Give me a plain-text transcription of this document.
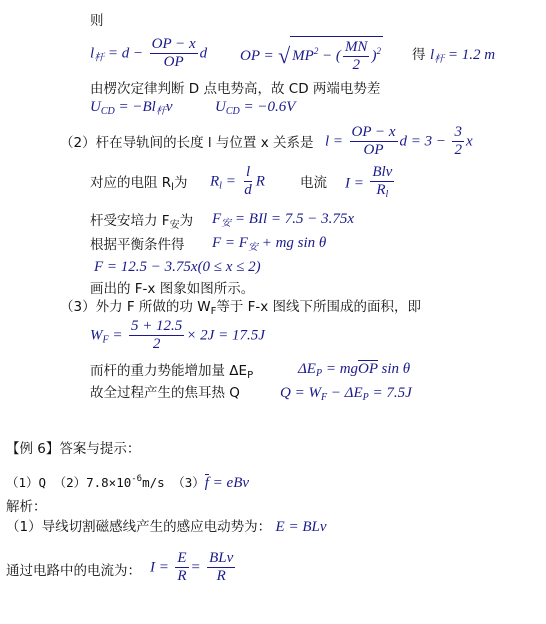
则
$l_杆 = d - \frac{OP - x}{OP}$ d OP = √ $MP^2$ − ( $\frac{MN}{2} )^2$ 得 $l_杆 = 1.2$ m
由楞次定律判断 D 点电势高，故 CD 两端电势差
$U_{CD} = -Bl_杆v$	$U_{CD} = -0.6V$
（2）杆在导轨间的长度 l 与位置 x 关系是 $l = \frac{OP - x}{OP}$ $d = 3 - \frac{3}{2}$ x
对应的电阻 $R_l$为 $R_l = \frac{l}{d}$ R	电流 $I = \frac{\text{Blv}}{R_l}$
杆受安培力 $F_安$为 $F_安$ = BIl = 7.5 − 3.75x
根据平衡条件得 $F = F_安$ + mg sin θ
F = 12.5 − 3.75x(0 ≤ x ≤ 2)
画出的 F-x 图象如图所示。
（3）外力 F 所做的功 $W_F$等于 F-x 图线下所围成的面积，即
$W_F = \frac{5 + 12.5}{2} \times 2J = 17.5J$
而杆的重力势能增加量 $\Delta E_P$	$\Delta E_P$ = mgOP sin θ
故全过程产生的焦耳热 Q	$Q = W_F - \Delta E_P = 7.5J$
【例 6】答案与提示：
（1）Q $(2)7.8\times 10^{-6}m/s$ （3）f = eBv
解析：
（1）导线切割磁感线产生的感应电动势为： E = BLv
通过电路中的电流为： $I = \frac{E}{R} = \frac{\text{BLv}}{R}$
